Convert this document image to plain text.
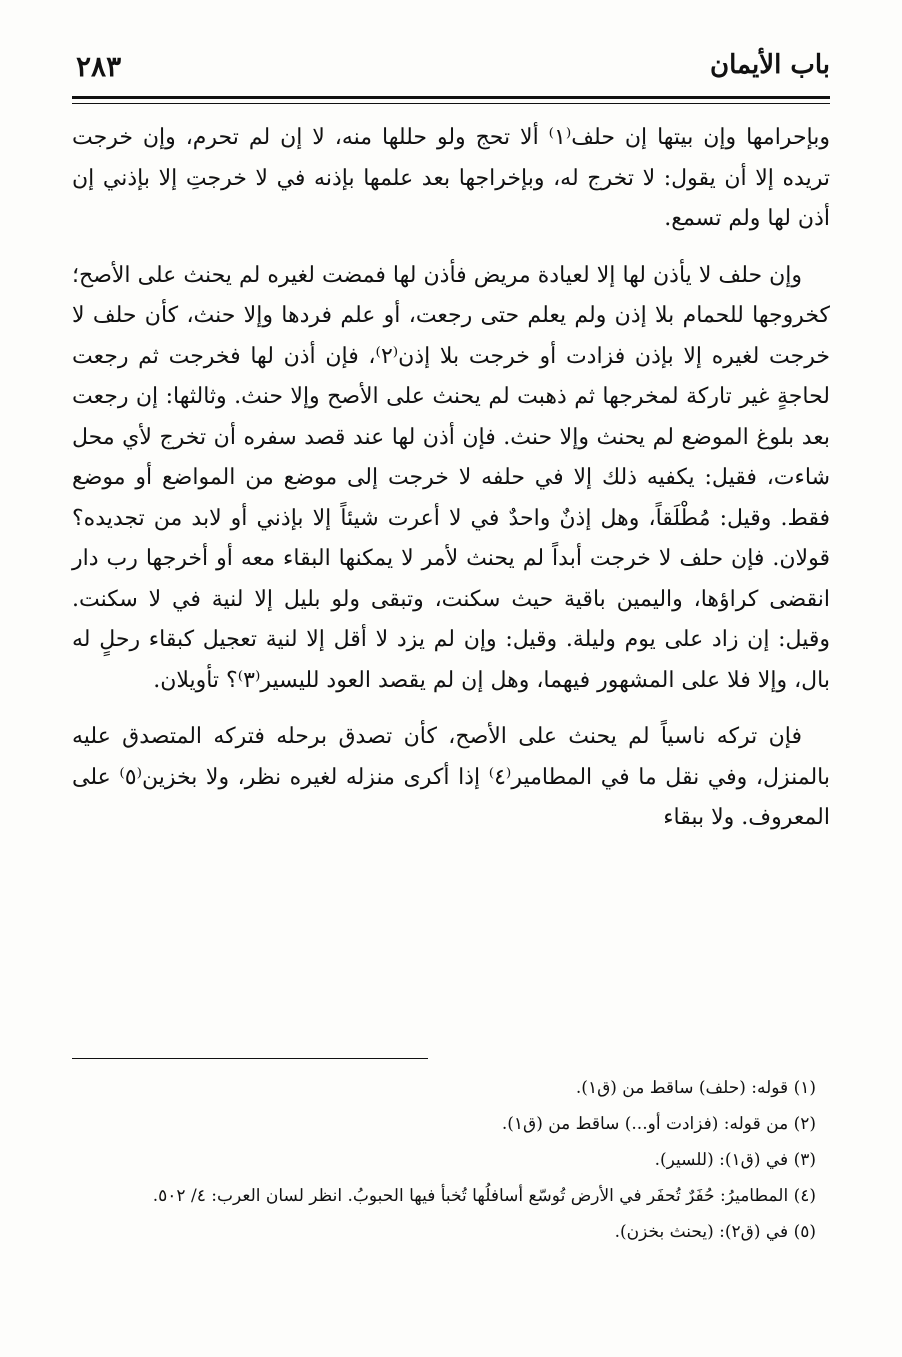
باب الأيمان
٢٨٣

وبإحرامها وإن بيتها إن حلف⁽١⁾ ألا تحج ولو حللها منه، لا إن لم تحرم، وإن خرجت تريده إلا أن يقول: لا تخرج له، وبإخراجها بعد علمها بإذنه في لا خرجتِ إلا بإذني إن أذن لها ولم تسمع.

وإن حلف لا يأذن لها إلا لعيادة مريض فأذن لها فمضت لغيره لم يحنث على الأصح؛ كخروجها للحمام بلا إذن ولم يعلم حتى رجعت، أو علم فردها وإلا حنث، كأن حلف لا خرجت لغيره إلا بإذن فزادت أو خرجت بلا إذن⁽٢⁾، فإن أذن لها فخرجت ثم رجعت لحاجةٍ غير تاركة لمخرجها ثم ذهبت لم يحنث على الأصح وإلا حنث. وثالثها: إن رجعت بعد بلوغ الموضع لم يحنث وإلا حنث. فإن أذن لها عند قصد سفره أن تخرج لأي محل شاءت، فقيل: يكفيه ذلك إلا في حلفه لا خرجت إلى موضع من المواضع أو موضع فقط. وقيل: مُطْلَقاً، وهل إذنٌ واحدٌ في لا أعرت شيئاً إلا بإذني أو لابد من تجديده؟ قولان. فإن حلف لا خرجت أبداً لم يحنث لأمر لا يمكنها البقاء معه أو أخرجها رب دار انقضى كراؤها، واليمين باقية حيث سكنت، وتبقى ولو بليل إلا لنية في لا سكنت. وقيل: إن زاد على يوم وليلة. وقيل: وإن لم يزد لا أقل إلا لنية تعجيل كبقاء رحلٍ له بال، وإلا فلا على المشهور فيهما، وهل إن لم يقصد العود لليسير⁽٣⁾؟ تأويلان.

فإن تركه ناسياً لم يحنث على الأصح، كأن تصدق برحله فتركه المتصدق عليه بالمنزل، وفي نقل ما في المطامير⁽٤⁾ إذا أكرى منزله لغيره نظر، ولا بخزين⁽٥⁾ على المعروف. ولا ببقاء

(١) قوله: (حلف) ساقط من (ق١).
(٢) من قوله: (فزادت أو...) ساقط من (ق١).
(٣) في (ق١): (للسير).
(٤) المطاميرُ: حُفَرٌ تُحفَر في الأرض تُوسّع أسافلُها تُخبأ فيها الحبوبُ. انظر لسان العرب: ٤/ ٥٠٢.
(٥) في (ق٢): (يحنث بخزن).
